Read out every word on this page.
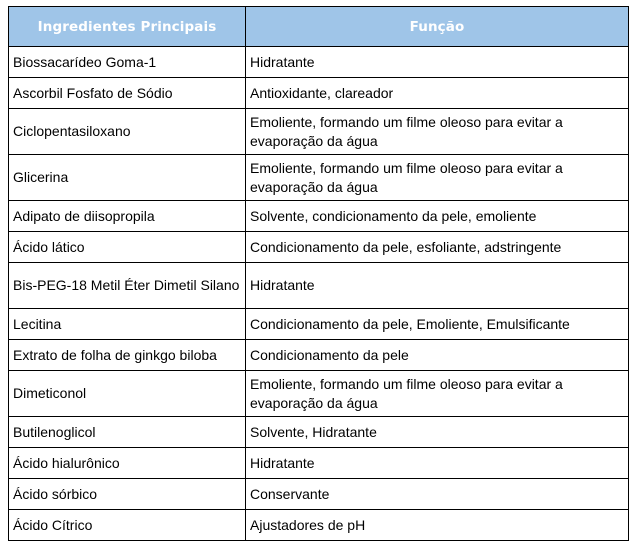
Ingredientes Principais	Função
Biossacarídeo Goma-1	Hidratante
Ascorbil Fosfato de Sódio	Antioxidante, clareador
Ciclopentasiloxano	Emoliente, formando um filme oleoso para evitar a evaporação da água
Glicerina	Emoliente, formando um filme oleoso para evitar a evaporação da água
Adipato de diisopropila	Solvente, condicionamento da pele, emoliente
Ácido lático	Condicionamento da pele, esfoliante, adstringente
Bis-PEG-18 Metil Éter Dimetil Silano	Hidratante
Lecitina	Condicionamento da pele, Emoliente, Emulsificante
Extrato de folha de ginkgo biloba	Condicionamento da pele
Dimeticonol	Emoliente, formando um filme oleoso para evitar a evaporação da água
Butilenoglicol	Solvente, Hidratante
Ácido hialurônico	Hidratante
Ácido sórbico	Conservante
Ácido Cítrico	Ajustadores de pH
